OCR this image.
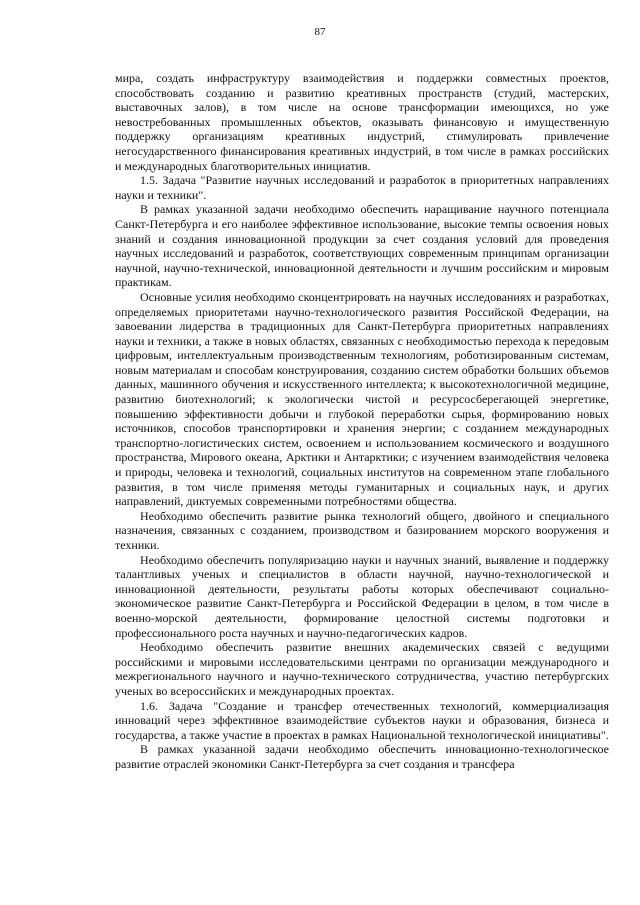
87

мира, создать инфраструктуру взаимодействия и поддержки совместных проектов, способствовать созданию и развитию креативных пространств (студий, мастерских, выставочных залов), в том числе на основе трансформации имеющихся, но уже невостребованных промышленных объектов, оказывать финансовую и имущественную поддержку организациям креативных индустрий, стимулировать привлечение негосударственного финансирования креативных индустрий, в том числе в рамках российских и международных благотворительных инициатив.

1.5. Задача "Развитие научных исследований и разработок в приоритетных направлениях науки и техники".

В рамках указанной задачи необходимо обеспечить наращивание научного потенциала Санкт-Петербурга и его наиболее эффективное использование, высокие темпы освоения новых знаний и создания инновационной продукции за счет создания условий для проведения научных исследований и разработок, соответствующих современным принципам организации научной, научно-технической, инновационной деятельности и лучшим российским и мировым практикам.

Основные усилия необходимо сконцентрировать на научных исследованиях и разработках, определяемых приоритетами научно-технологического развития Российской Федерации, на завоевании лидерства в традиционных для Санкт-Петербурга приоритетных направлениях науки и техники, а также в новых областях, связанных с необходимостью перехода к передовым цифровым, интеллектуальным производственным технологиям, роботизированным системам, новым материалам и способам конструирования, созданию систем обработки больших объемов данных, машинного обучения и искусственного интеллекта; к высокотехнологичной медицине, развитию биотехнологий; к экологически чистой и ресурсосберегающей энергетике, повышению эффективности добычи и глубокой переработки сырья, формированию новых источников, способов транспортировки и хранения энергии; с созданием международных транспортно-логистических систем, освоением и использованием космического и воздушного пространства, Мирового океана, Арктики и Антарктики; с изучением взаимодействия человека и природы, человека и технологий, социальных институтов на современном этапе глобального развития, в том числе применяя методы гуманитарных и социальных наук, и других направлений, диктуемых современными потребностями общества.

Необходимо обеспечить развитие рынка технологий общего, двойного и специального назначения, связанных с созданием, производством и базированием морского вооружения и техники.

Необходимо обеспечить популяризацию науки и научных знаний, выявление и поддержку талантливых ученых и специалистов в области научной, научно-технологической и инновационной деятельности, результаты работы которых обеспечивают социально-экономическое развитие Санкт-Петербурга и Российской Федерации в целом, в том числе в военно-морской деятельности, формирование целостной системы подготовки и профессионального роста научных и научно-педагогических кадров.

Необходимо обеспечить развитие внешних академических связей с ведущими российскими и мировыми исследовательскими центрами по организации международного и межрегионального научного и научно-технического сотрудничества, участию петербургских ученых во всероссийских и международных проектах.

1.6. Задача "Создание и трансфер отечественных технологий, коммерциализация инноваций через эффективное взаимодействие субъектов науки и образования, бизнеса и государства, а также участие в проектах в рамках Национальной технологической инициативы".

В рамках указанной задачи необходимо обеспечить инновационно-технологическое развитие отраслей экономики Санкт-Петербурга за счет создания и трансфера
